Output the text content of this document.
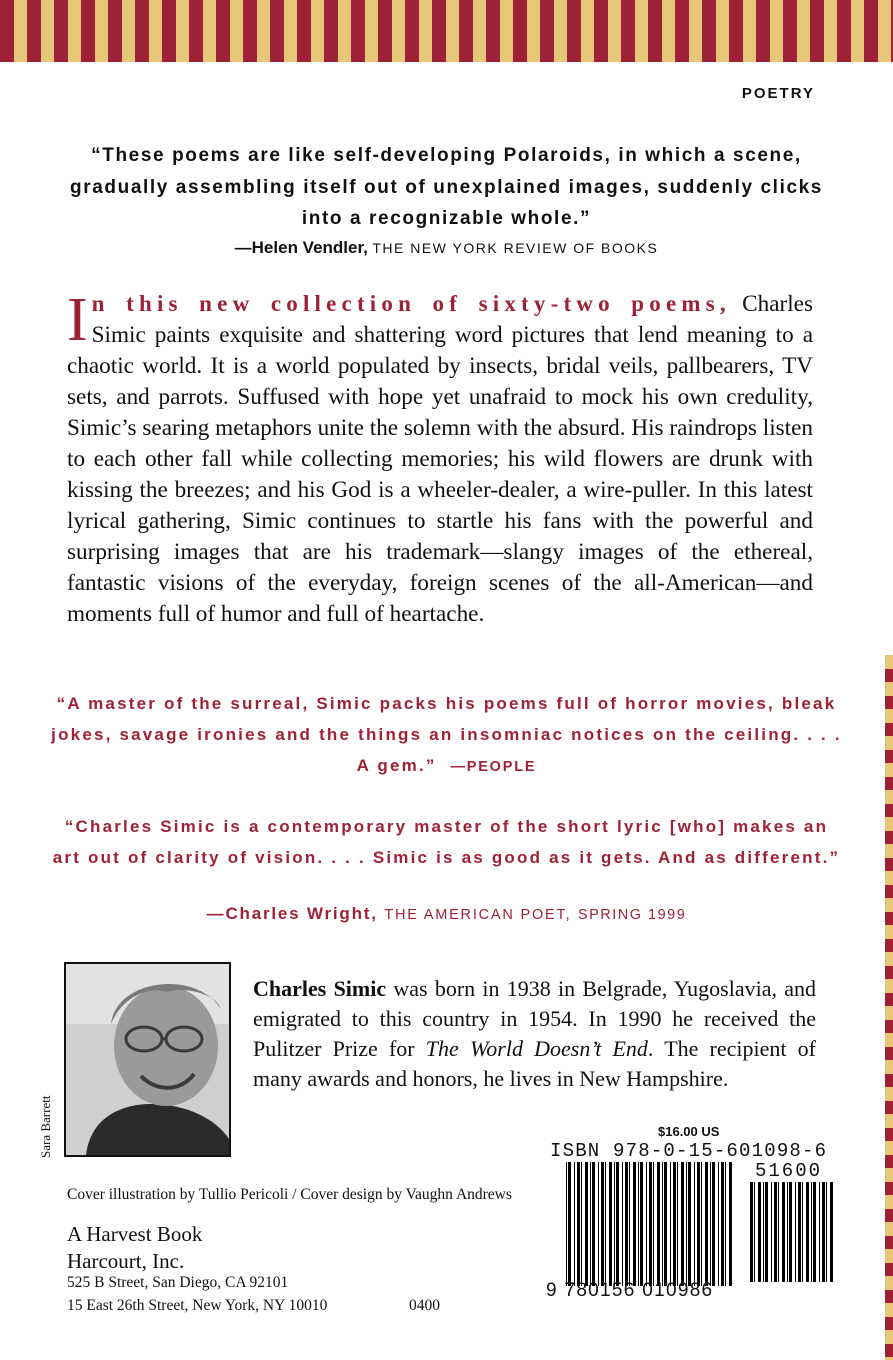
POETRY
“These poems are like self-developing Polaroids, in which a scene, gradually assembling itself out of unexplained images, suddenly clicks into a recognizable whole.”
—Helen Vendler, THE NEW YORK REVIEW OF BOOKS
In this new collection of sixty-two poems, Charles Simic paints exquisite and shattering word pictures that lend meaning to a chaotic world. It is a world populated by insects, bridal veils, pallbearers, TV sets, and parrots. Suffused with hope yet unafraid to mock his own credulity, Simic’s searing metaphors unite the solemn with the absurd. His raindrops listen to each other fall while collecting memories; his wild flowers are drunk with kissing the breezes; and his God is a wheeler-dealer, a wire-puller. In this latest lyrical gathering, Simic continues to startle his fans with the powerful and surprising images that are his trademark—slangy images of the ethereal, fantastic visions of the everyday, foreign scenes of the all-American—and moments full of humor and full of heartache.
“A master of the surreal, Simic packs his poems full of horror movies, bleak jokes, savage ironies and the things an insomniac notices on the ceiling. . . . A gem.” —PEOPLE
“Charles Simic is a contemporary master of the short lyric [who] makes an art out of clarity of vision. . . . Simic is as good as it gets. And as different.”
—Charles Wright, THE AMERICAN POET, SPRING 1999
Sara Barrett
Charles Simic was born in 1938 in Belgrade, Yugoslavia, and emigrated to this country in 1954. In 1990 he received the Pulitzer Prize for The World Doesn’t End. The recipient of many awards and honors, he lives in New Hampshire.
Cover illustration by Tullio Pericoli / Cover design by Vaughn Andrews
A Harvest Book
Harcourt, Inc.
525 B Street, San Diego, CA 92101
15 East 26th Street, New York, NY 10010	0400
$16.00 US
ISBN 978-0-15-601098-6
51600
9 780156 010986
